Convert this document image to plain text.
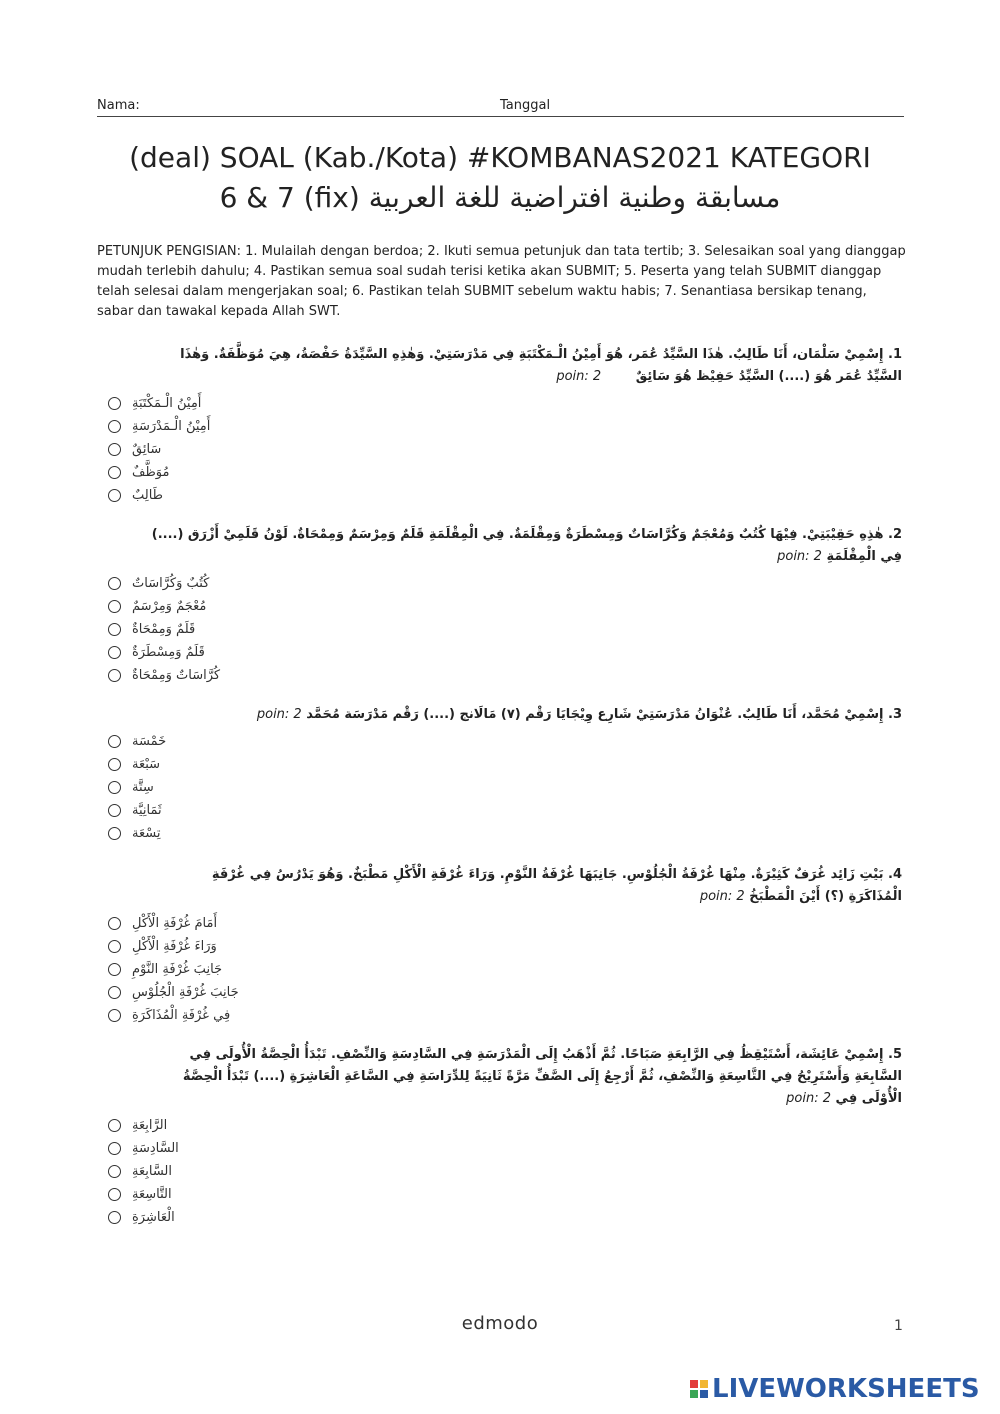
Nama:	Tanggal
(deal) SOAL (Kab./Kota) #KOMBANAS2021 KATEGORI
6 & 7 (fix) مسابقة وطنية افتراضية للغة العربية
PETUNJUK PENGISIAN: 1. Mulailah dengan berdoa; 2. Ikuti semua petunjuk dan tata tertib; 3. Selesaikan soal yang dianggap mudah terlebih dahulu; 4. Pastikan semua soal sudah terisi ketika akan SUBMIT; 5. Peserta yang telah SUBMIT dianggap telah selesai dalam mengerjakan soal; 6. Pastikan telah SUBMIT sebelum waktu habis; 7. Senantiasa bersikap tenang, sabar dan tawakal kepada Allah SWT.
1. إِسْمِيْ سَلْمَان، أَنَا طَالِبٌ. هٰذَا السَّيِّدُ عُمَر، هُوَ أَمِيْنُ الْـمَكْتَبَةِ فِي مَدْرَسَتِيْ. وَهٰذِهِ السَّيِّدَةُ حَفْصَةُ، هِيَ مُوَظَّفَةٌ. وَهٰذَا
السَّيِّدُ عُمَر هُوَ (....) السَّيِّدُ حَفِيْظ هُوَ سَائِقٌ poin: 2
أَمِيْنُ الْـمَكْتَبَةِ
أَمِيْنُ الْـمَدْرَسَةِ
سَائِقٌ
مُوَظَّفٌ
طَالِبٌ
2. هٰذِهِ حَقِيْبَتِيْ. فِيْهَا كُتُبٌ وَمُعْجَمٌ وَكُرَّاسَاتٌ وَمِسْطَرَةٌ وَمِقْلَمَةٌ. فِي الْمِقْلَمَةِ قَلَمٌ وَمِرْسَمٌ وَمِمْحَاةٌ. لَوْنُ قَلَمِيْ أَزْرَق (....)
فِي الْمِقْلَمَةِ poin: 2
كُتُبٌ وَكُرَّاسَاتٌ
مُعْجَمٌ وَمِرْسَمٌ
قَلَمٌ وَمِمْحَاةٌ
قَلَمٌ وَمِسْطَرَةٌ
كُرَّاسَاتٌ وَمِمْحَاةٌ
3. إِسْمِيْ مُحَمَّد، أَنَا طَالِبٌ. عُنْوَانُ مَدْرَسَتِيْ شَارِع وِيْجَايَا رَقْم (٧) مَالَانج (....) رَقْم مَدْرَسَة مُحَمَّد poin: 2
خَمْسَة
سَبْعَة
سِتَّة
ثَمَانِيَّة
تِسْعَة
4. بَيْتِ زَائِد غُرَفٌ كَثِيْرَةٌ. مِنْهَا غُرْفَةُ الْجُلُوْسِ. جَانِبَهَا غُرْفَةُ النَّوْمِ. وَرَاءَ غُرْفَةِ الْأَكْلِ مَطْبَخٌ. وَهُوَ يَدْرُسُ فِي غُرْفَةِ
الْمُذَاكَرَةِ (؟) أَيْنَ الْمَطْبَخُ poin: 2
أَمَامَ غُرْفَةِ الْأَكْلِ
وَرَاءَ غُرْفَةِ الْأَكْلِ
جَانِبَ غُرْفَةِ النَّوْمِ
جَانِبَ غُرْفَةِ الْجُلُوْسِ
فِي غُرْفَةِ الْمُذَاكَرَةِ
5. إِسْمِيْ عَائِشَة، أَسْتَيْقِظُ فِي الرَّابِعَةِ صَبَاحًا. ثُمَّ أَذْهَبُ إِلَى الْمَدْرَسَةِ فِي السَّادِسَةِ وَالنِّصْفِ. تَبْدَأُ الْحِصَّةُ الْأُولَى فِي
السَّابِعَةِ وَأَسْتَرِيْحُ فِي التَّاسِعَةِ وَالنِّصْفِ، ثُمَّ أَرْجِعُ إِلَى الصَّفِّ مَرَّةً ثَانِيَةً لِلدِّرَاسَةِ فِي السَّاعَةِ الْعَاشِرَةِ (....) تَبْدَأُ الْحِصَّةُ
الْأُوْلَى فِي poin: 2
الرَّابِعَةِ
السَّادِسَةِ
السَّابِعَةِ
التَّاسِعَةِ
الْعَاشِرَةِ
edmodo	1
LIVEWORKSHEETS
